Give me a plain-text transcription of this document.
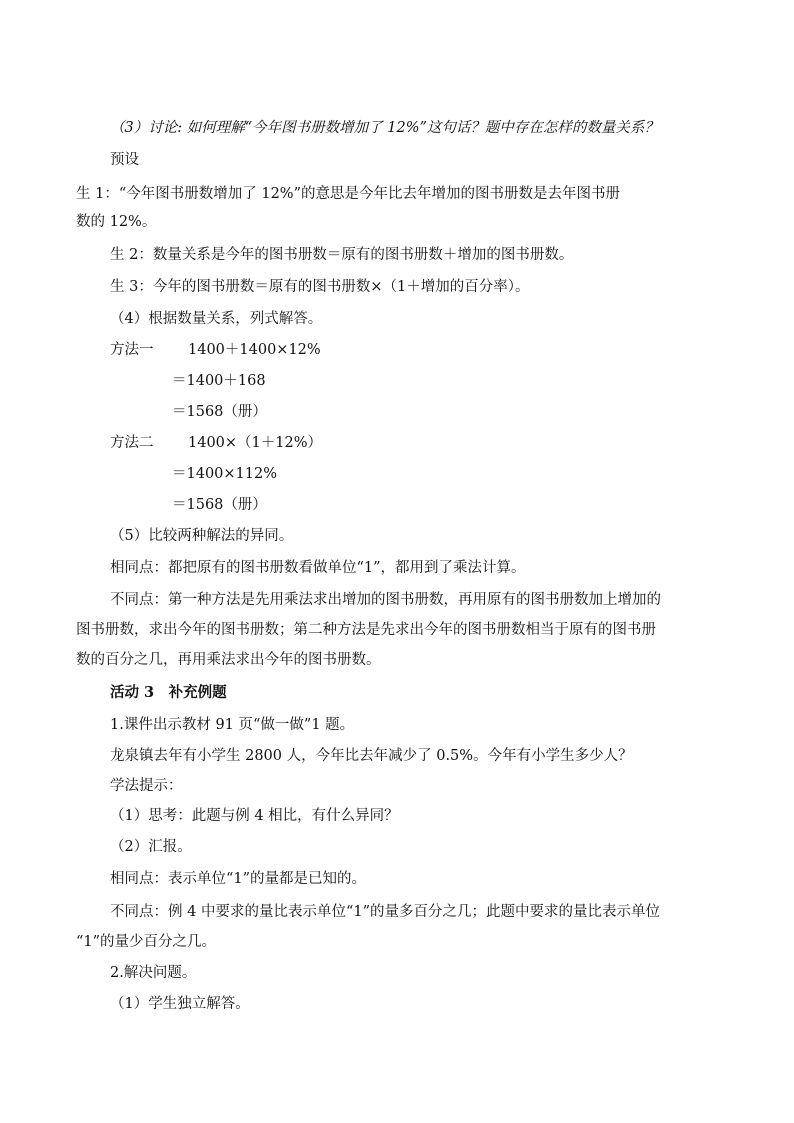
（3）讨论: 如何理解“今年图书册数增加了 12%”这句话？题中存在怎样的数量关系？
预设
生 1：“今年图书册数增加了 12%”的意思是今年比去年增加的图书册数是去年图书册
数的 12%。
生 2：数量关系是今年的图书册数＝原有的图书册数＋增加的图书册数。
生 3：今年的图书册数＝原有的图书册数×（1＋增加的百分率）。
（4）根据数量关系，列式解答。
方法一 1400＋1400×12%
＝1400＋168
＝1568（册）
方法二 1400×（1＋12%）
＝1400×112%
＝1568（册）
（5）比较两种解法的异同。
相同点：都把原有的图书册数看做单位“1”，都用到了乘法计算。
不同点：第一种方法是先用乘法求出增加的图书册数，再用原有的图书册数加上增加的
图书册数，求出今年的图书册数；第二种方法是先求出今年的图书册数相当于原有的图书册
数的百分之几，再用乘法求出今年的图书册数。
活动 3　补充例题
1.课件出示教材 91 页“做一做”1 题。
龙泉镇去年有小学生 2800 人，今年比去年减少了 0.5%。今年有小学生多少人？
学法提示：
（1）思考：此题与例 4 相比，有什么异同？
（2）汇报。
相同点：表示单位“1”的量都是已知的。
不同点：例 4 中要求的量比表示单位“1”的量多百分之几；此题中要求的量比表示单位
“1”的量少百分之几。
2.解决问题。
（1）学生独立解答。
